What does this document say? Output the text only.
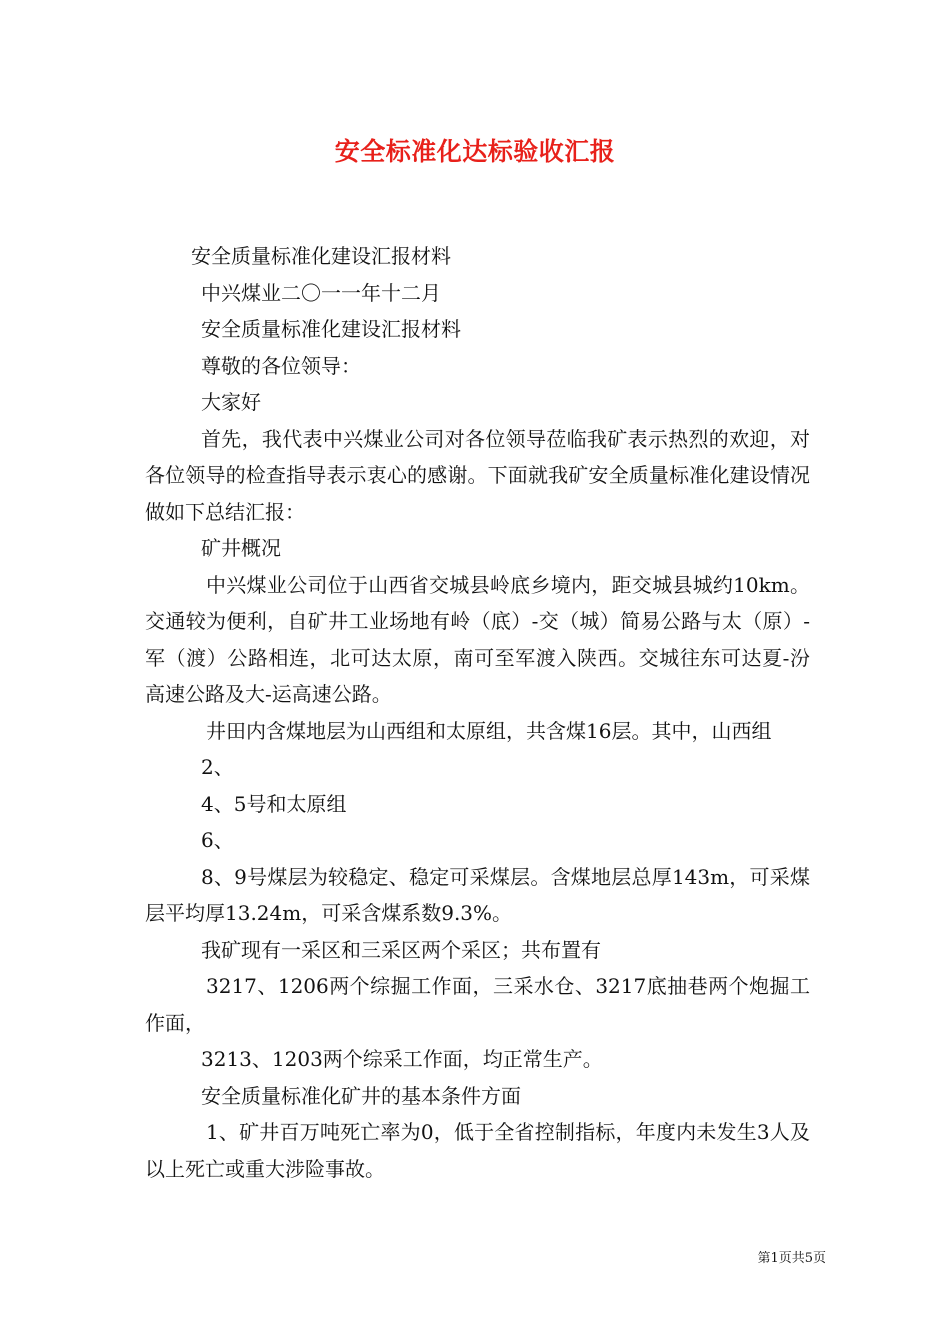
安全标准化达标验收汇报

安全质量标准化建设汇报材料

中兴煤业二〇一一年十二月

安全质量标准化建设汇报材料

尊敬的各位领导：

大家好

首先，我代表中兴煤业公司对各位领导莅临我矿表示热烈的欢迎，对各位领导的检查指导表示衷心的感谢。下面就我矿安全质量标准化建设情况做如下总结汇报：

矿井概况

中兴煤业公司位于山西省交城县岭底乡境内，距交城县城约10km。交通较为便利，自矿井工业场地有岭（底）-交（城）简易公路与太（原）-军（渡）公路相连，北可达太原，南可至军渡入陕西。交城往东可达夏-汾高速公路及大-运高速公路。

井田内含煤地层为山西组和太原组，共含煤16层。其中，山西组

2、

4、5号和太原组

6、

8、9号煤层为较稳定、稳定可采煤层。含煤地层总厚143m，可采煤层平均厚13.24m，可采含煤系数9.3%。

我矿现有一采区和三采区两个采区；共布置有

3217、1206两个综掘工作面，三采水仓、3217底抽巷两个炮掘工作面，

3213、1203两个综采工作面，均正常生产。

安全质量标准化矿井的基本条件方面

1、矿井百万吨死亡率为0，低于全省控制指标，年度内未发生3人及以上死亡或重大涉险事故。

第1页共5页
